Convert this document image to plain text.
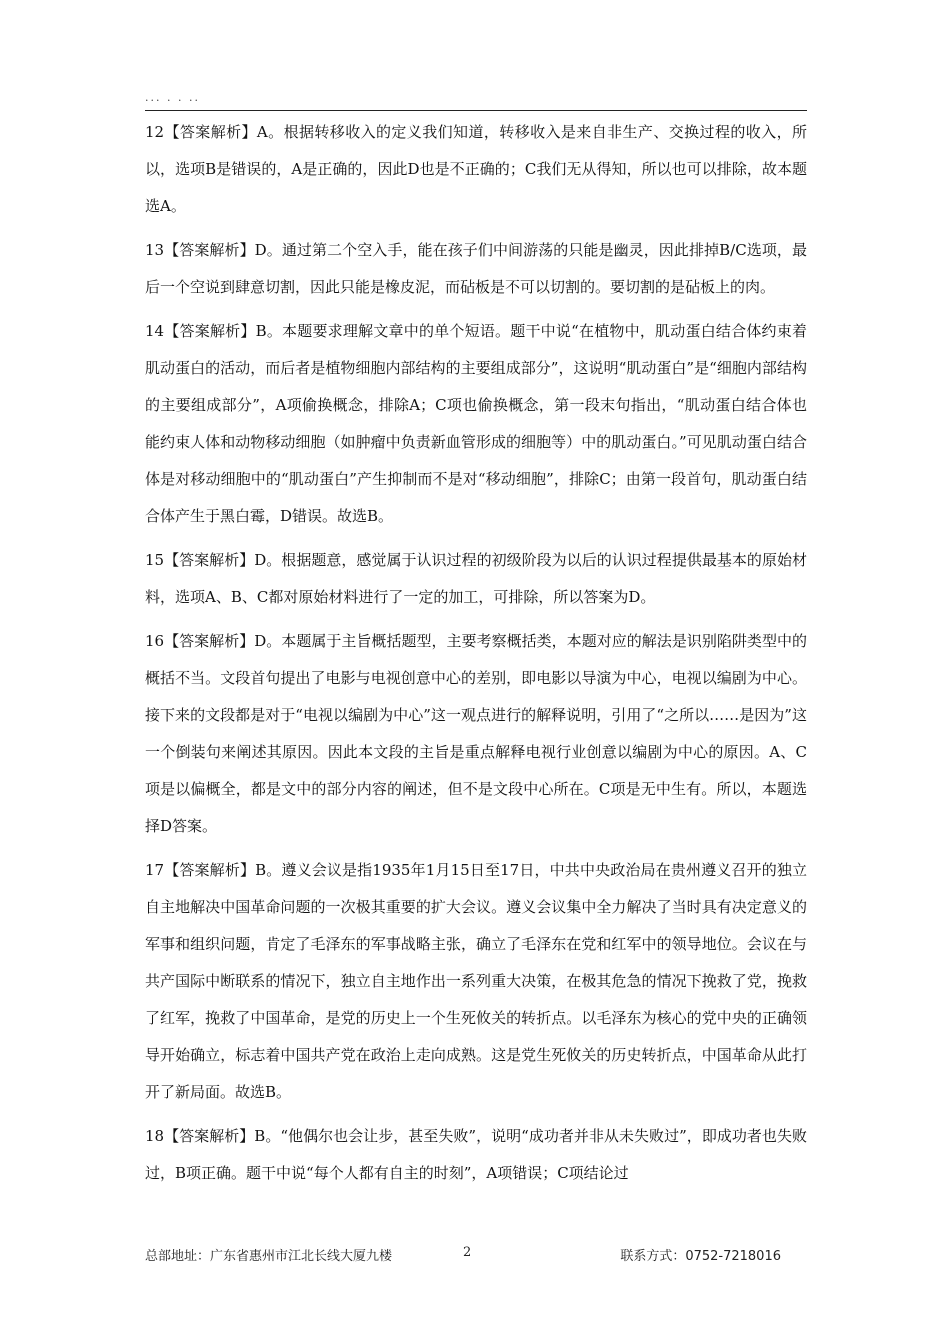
··· · · ··

12【答案解析】A。根据转移收入的定义我们知道，转移收入是来自非生产、交换过程的收入，所以，选项B是错误的，A是正确的，因此D也是不正确的；C我们无从得知，所以也可以排除，故本题选A。

13【答案解析】D。通过第二个空入手，能在孩子们中间游荡的只能是幽灵，因此排掉B/C选项，最后一个空说到肆意切割，因此只能是橡皮泥，而砧板是不可以切割的。要切割的是砧板上的肉。

14【答案解析】B。本题要求理解文章中的单个短语。题干中说“在植物中，肌动蛋白结合体约束着肌动蛋白的活动，而后者是植物细胞内部结构的主要组成部分”，这说明“肌动蛋白”是“细胞内部结构的主要组成部分”，A项偷换概念，排除A；C项也偷换概念，第一段末句指出，“肌动蛋白结合体也能约束人体和动物移动细胞（如肿瘤中负责新血管形成的细胞等）中的肌动蛋白。”可见肌动蛋白结合体是对移动细胞中的“肌动蛋白”产生抑制而不是对“移动细胞”，排除C；由第一段首句，肌动蛋白结合体产生于黑白霉，D错误。故选B。

15【答案解析】D。根据题意，感觉属于认识过程的初级阶段为以后的认识过程提供最基本的原始材料，选项A、B、C都对原始材料进行了一定的加工，可排除，所以答案为D。

16【答案解析】D。本题属于主旨概括题型，主要考察概括类，本题对应的解法是识别陷阱类型中的概括不当。文段首句提出了电影与电视创意中心的差别，即电影以导演为中心，电视以编剧为中心。接下来的文段都是对于“电视以编剧为中心”这一观点进行的解释说明，引用了“之所以……是因为”这一个倒装句来阐述其原因。因此本文段的主旨是重点解释电视行业创意以编剧为中心的原因。A、C项是以偏概全，都是文中的部分内容的阐述，但不是文段中心所在。C项是无中生有。所以，本题选择D答案。

17【答案解析】B。遵义会议是指1935年1月15日至17日，中共中央政治局在贵州遵义召开的独立自主地解决中国革命问题的一次极其重要的扩大会议。遵义会议集中全力解决了当时具有决定意义的军事和组织问题，肯定了毛泽东的军事战略主张，确立了毛泽东在党和红军中的领导地位。会议在与共产国际中断联系的情况下，独立自主地作出一系列重大决策，在极其危急的情况下挽救了党，挽救了红军，挽救了中国革命，是党的历史上一个生死攸关的转折点。以毛泽东为核心的党中央的正确领导开始确立，标志着中国共产党在政治上走向成熟。这是党生死攸关的历史转折点，中国革命从此打开了新局面。故选B。

18【答案解析】B。“他偶尔也会让步，甚至失败”，说明“成功者并非从未失败过”，即成功者也失败过，B项正确。题干中说“每个人都有自主的时刻”，A项错误；C项结论过

总部地址：广东省惠州市江北长线大厦九楼	2	联系方式：0752-7218016
